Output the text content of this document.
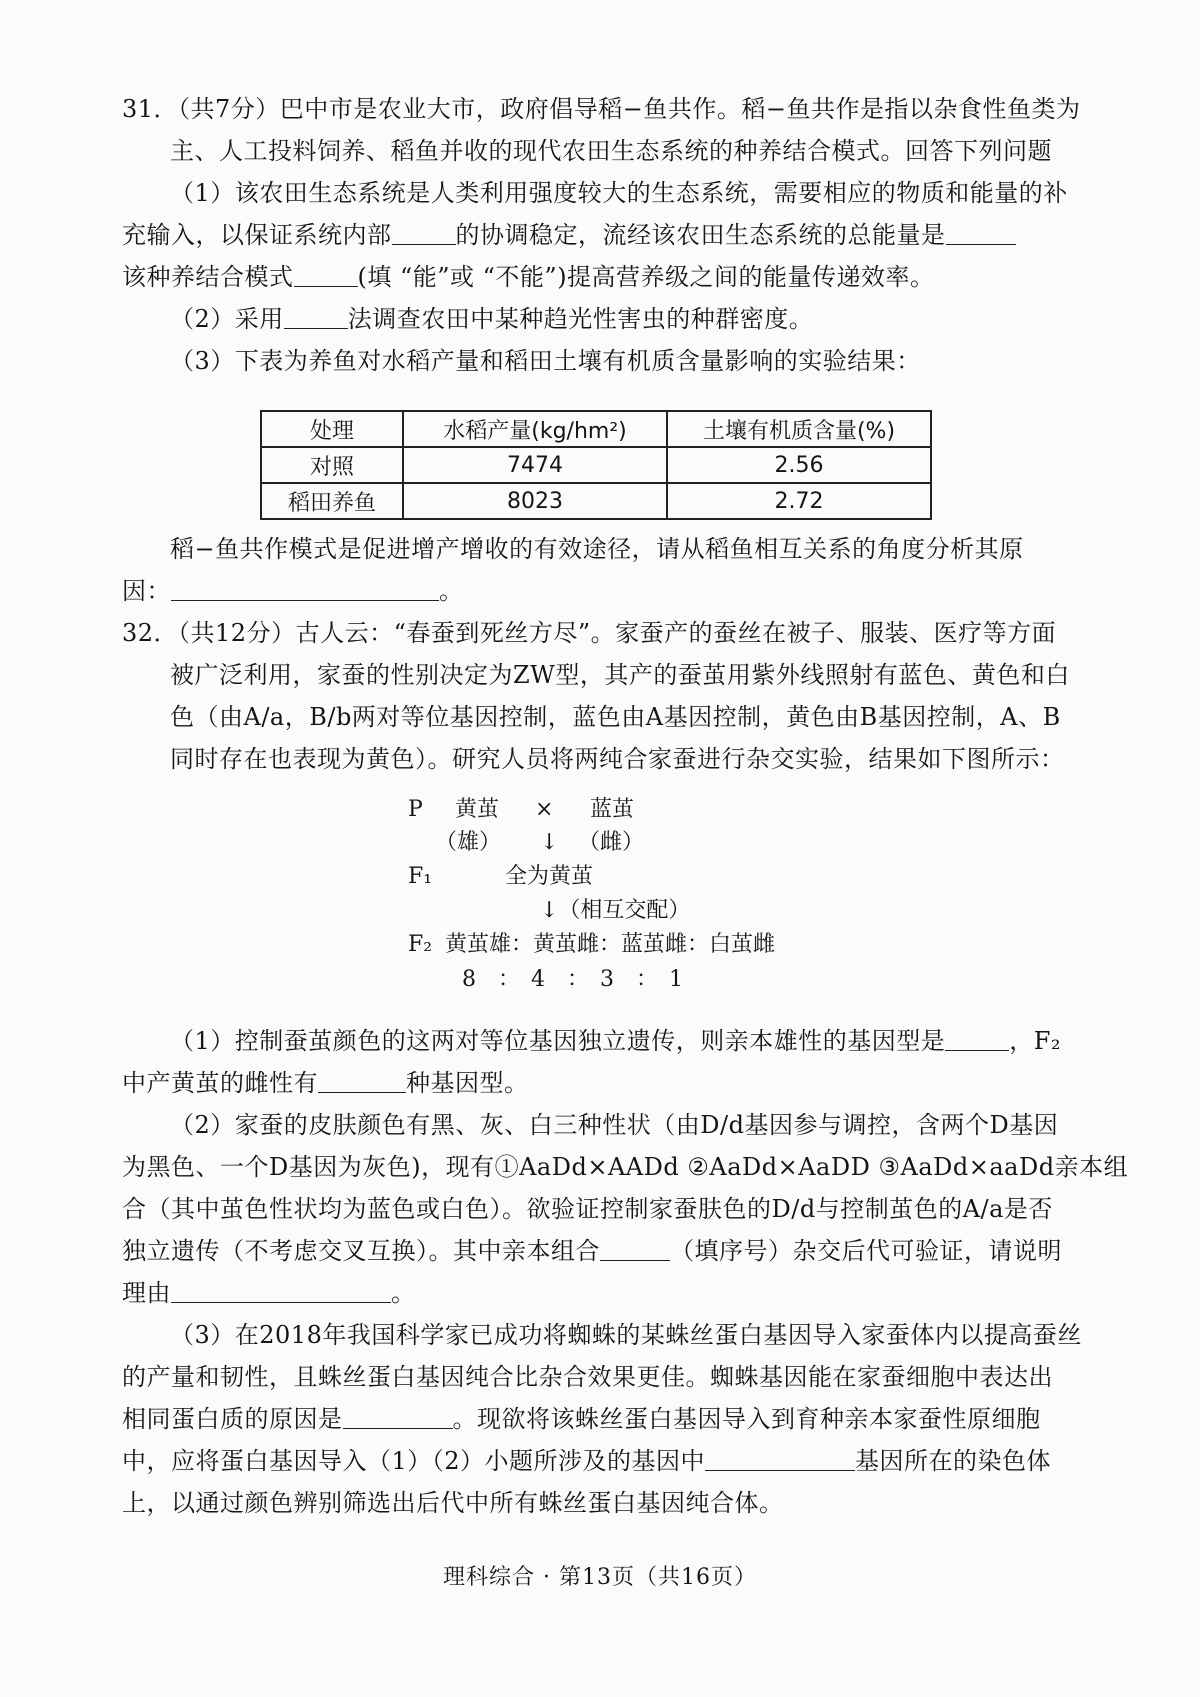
31．（共7分）巴中市是农业大市，政府倡导稻−鱼共作。稻−鱼共作是指以杂食性鱼类为
主、人工投料饲养、稻鱼并收的现代农田生态系统的种养结合模式。回答下列问题
（1）该农田生态系统是人类利用强度较大的生态系统，需要相应的物质和能量的补
充输入，以保证系统内部	的协调稳定，流经该农田生态系统的总能量是
该种养结合模式	(填 “能”或 “不能”)提高营养级之间的能量传递效率。
（2）采用	法调查农田中某种趋光性害虫的种群密度。
（3）下表为养鱼对水稻产量和稻田土壤有机质含量影响的实验结果：
处理	水稻产量(kg/hm²)	土壤有机质含量(%)
对照	7474	2.56
稻田养鱼	8023	2.72
稻−鱼共作模式是促进增产增收的有效途径，请从稻鱼相互关系的角度分析其原
因：	。
32．（共12分）古人云：“春蚕到死丝方尽”。家蚕产的蚕丝在被子、服装、医疗等方面
被广泛利用，家蚕的性别决定为ZW型，其产的蚕茧用紫外线照射有蓝色、黄色和白
色（由A/a，B/b两对等位基因控制，蓝色由A基因控制，黄色由B基因控制，A、B
同时存在也表现为黄色）。研究人员将两纯合家蚕进行杂交实验，结果如下图所示：
P 黄茧 × 蓝茧
（雄） ↓ （雌）
F₁	全为黄茧
↓（相互交配）
F₂ 黄茧雄：黄茧雌：蓝茧雌：白茧雌
8　：　4　：　3　：　1
（1）控制蚕茧颜色的这两对等位基因独立遗传，则亲本雄性的基因型是	，F₂
中产黄茧的雌性有	种基因型。
（2）家蚕的皮肤颜色有黑、灰、白三种性状（由D/d基因参与调控，含两个D基因
为黑色、一个D基因为灰色)，现有①AaDd×AADd ②AaDd×AaDD ③AaDd×aaDd亲本组
合（其中茧色性状均为蓝色或白色）。欲验证控制家蚕肤色的D/d与控制茧色的A/a是否
独立遗传（不考虑交叉互换）。其中亲本组合	（填序号）杂交后代可验证，请说明
理由	。
（3）在2018年我国科学家已成功将蜘蛛的某蛛丝蛋白基因导入家蚕体内以提高蚕丝
的产量和韧性，且蛛丝蛋白基因纯合比杂合效果更佳。蜘蛛基因能在家蚕细胞中表达出
相同蛋白质的原因是	。现欲将该蛛丝蛋白基因导入到育种亲本家蚕性原细胞
中，应将蛋白基因导入（1）（2）小题所涉及的基因中	基因所在的染色体
上，以通过颜色辨别筛选出后代中所有蛛丝蛋白基因纯合体。
理科综合 · 第13页（共16页）
